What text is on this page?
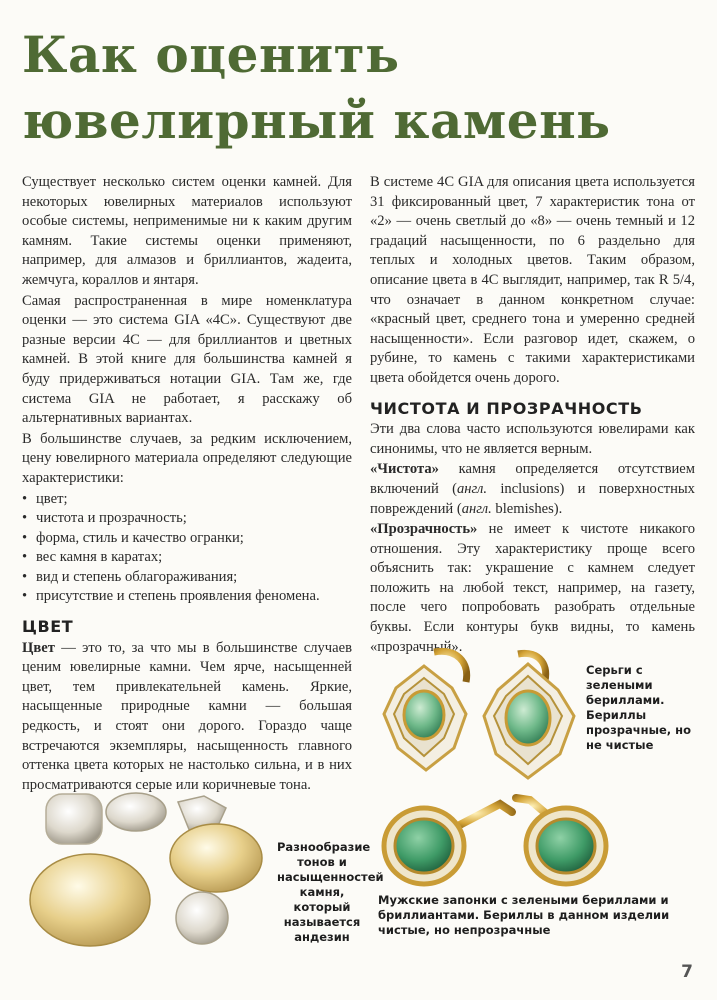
Как оценить
ювелирный камень

Существует несколько систем оценки камней. Для некоторых ювелирных материалов используют особые системы, неприменимые ни к каким другим камням. Такие системы оценки применяют, например, для алмазов и бриллиантов, жадеита, жемчуга, кораллов и янтаря.

Самая распространенная в мире номенклатура оценки — это система GIA «4С». Существуют две разные версии 4С — для бриллиантов и цветных камней. В этой книге для большинства камней я буду придерживаться нотации GIA. Там же, где система GIA не работает, я расскажу об альтернативных вариантах.

В большинстве случаев, за редким исключением, цену ювелирного материала определяют следующие характеристики:

• цвет;
• чистота и прозрачность;
• форма, стиль и качество огранки;
• вес камня в каратах;
• вид и степень облагораживания;
• присутствие и степень проявления феномена.
ЦВЕТ

Цвет — это то, за что мы в большинстве случаев ценим ювелирные камни. Чем ярче, насыщенней цвет, тем привлекательней камень. Яркие, насыщенные природные камни — большая редкость, и стоят они дорого. Гораздо чаще встречаются экземпляры, насыщенность главного оттенка цвета которых не настолько сильна, и в них просматриваются серые или коричневые тона.

В системе 4С GIA для описания цвета используется 31 фиксированный цвет, 7 характеристик тона от «2» — очень светлый до «8» — очень темный и 12 градаций насыщенности, по 6 раздельно для теплых и холодных цветов. Таким образом, описание цвета в 4С выглядит, например, так R 5/4, что означает в данном конкретном случае: «красный цвет, среднего тона и умеренно средней насыщенности». Если разговор идет, скажем, о рубине, то камень с такими характеристиками цвета обойдется очень дорого.

ЧИСТОТА И ПРОЗРАЧНОСТЬ

Эти два слова часто используются ювелирами как синонимы, что не является верным.

«Чистота» камня определяется отсутствием включений (англ. inclusions) и поверхностных повреждений (англ. blemishes).

«Прозрачность» не имеет к чистоте никакого отношения. Эту характеристику проще всего объяснить так: украшение с камнем следует положить на любой текст, например, на газету, после чего попробовать разобрать отдельные буквы. Если контуры букв видны, то камень «прозрачный».

Серьги с зелеными бериллами. Бериллы прозрачные, но не чистые
Разнообразие тонов и насыщенностей камня, который называется андезин
Мужские запонки с зелеными бериллами и бриллиантами. Бериллы в данном изделии чистые, но непрозрачные
7
